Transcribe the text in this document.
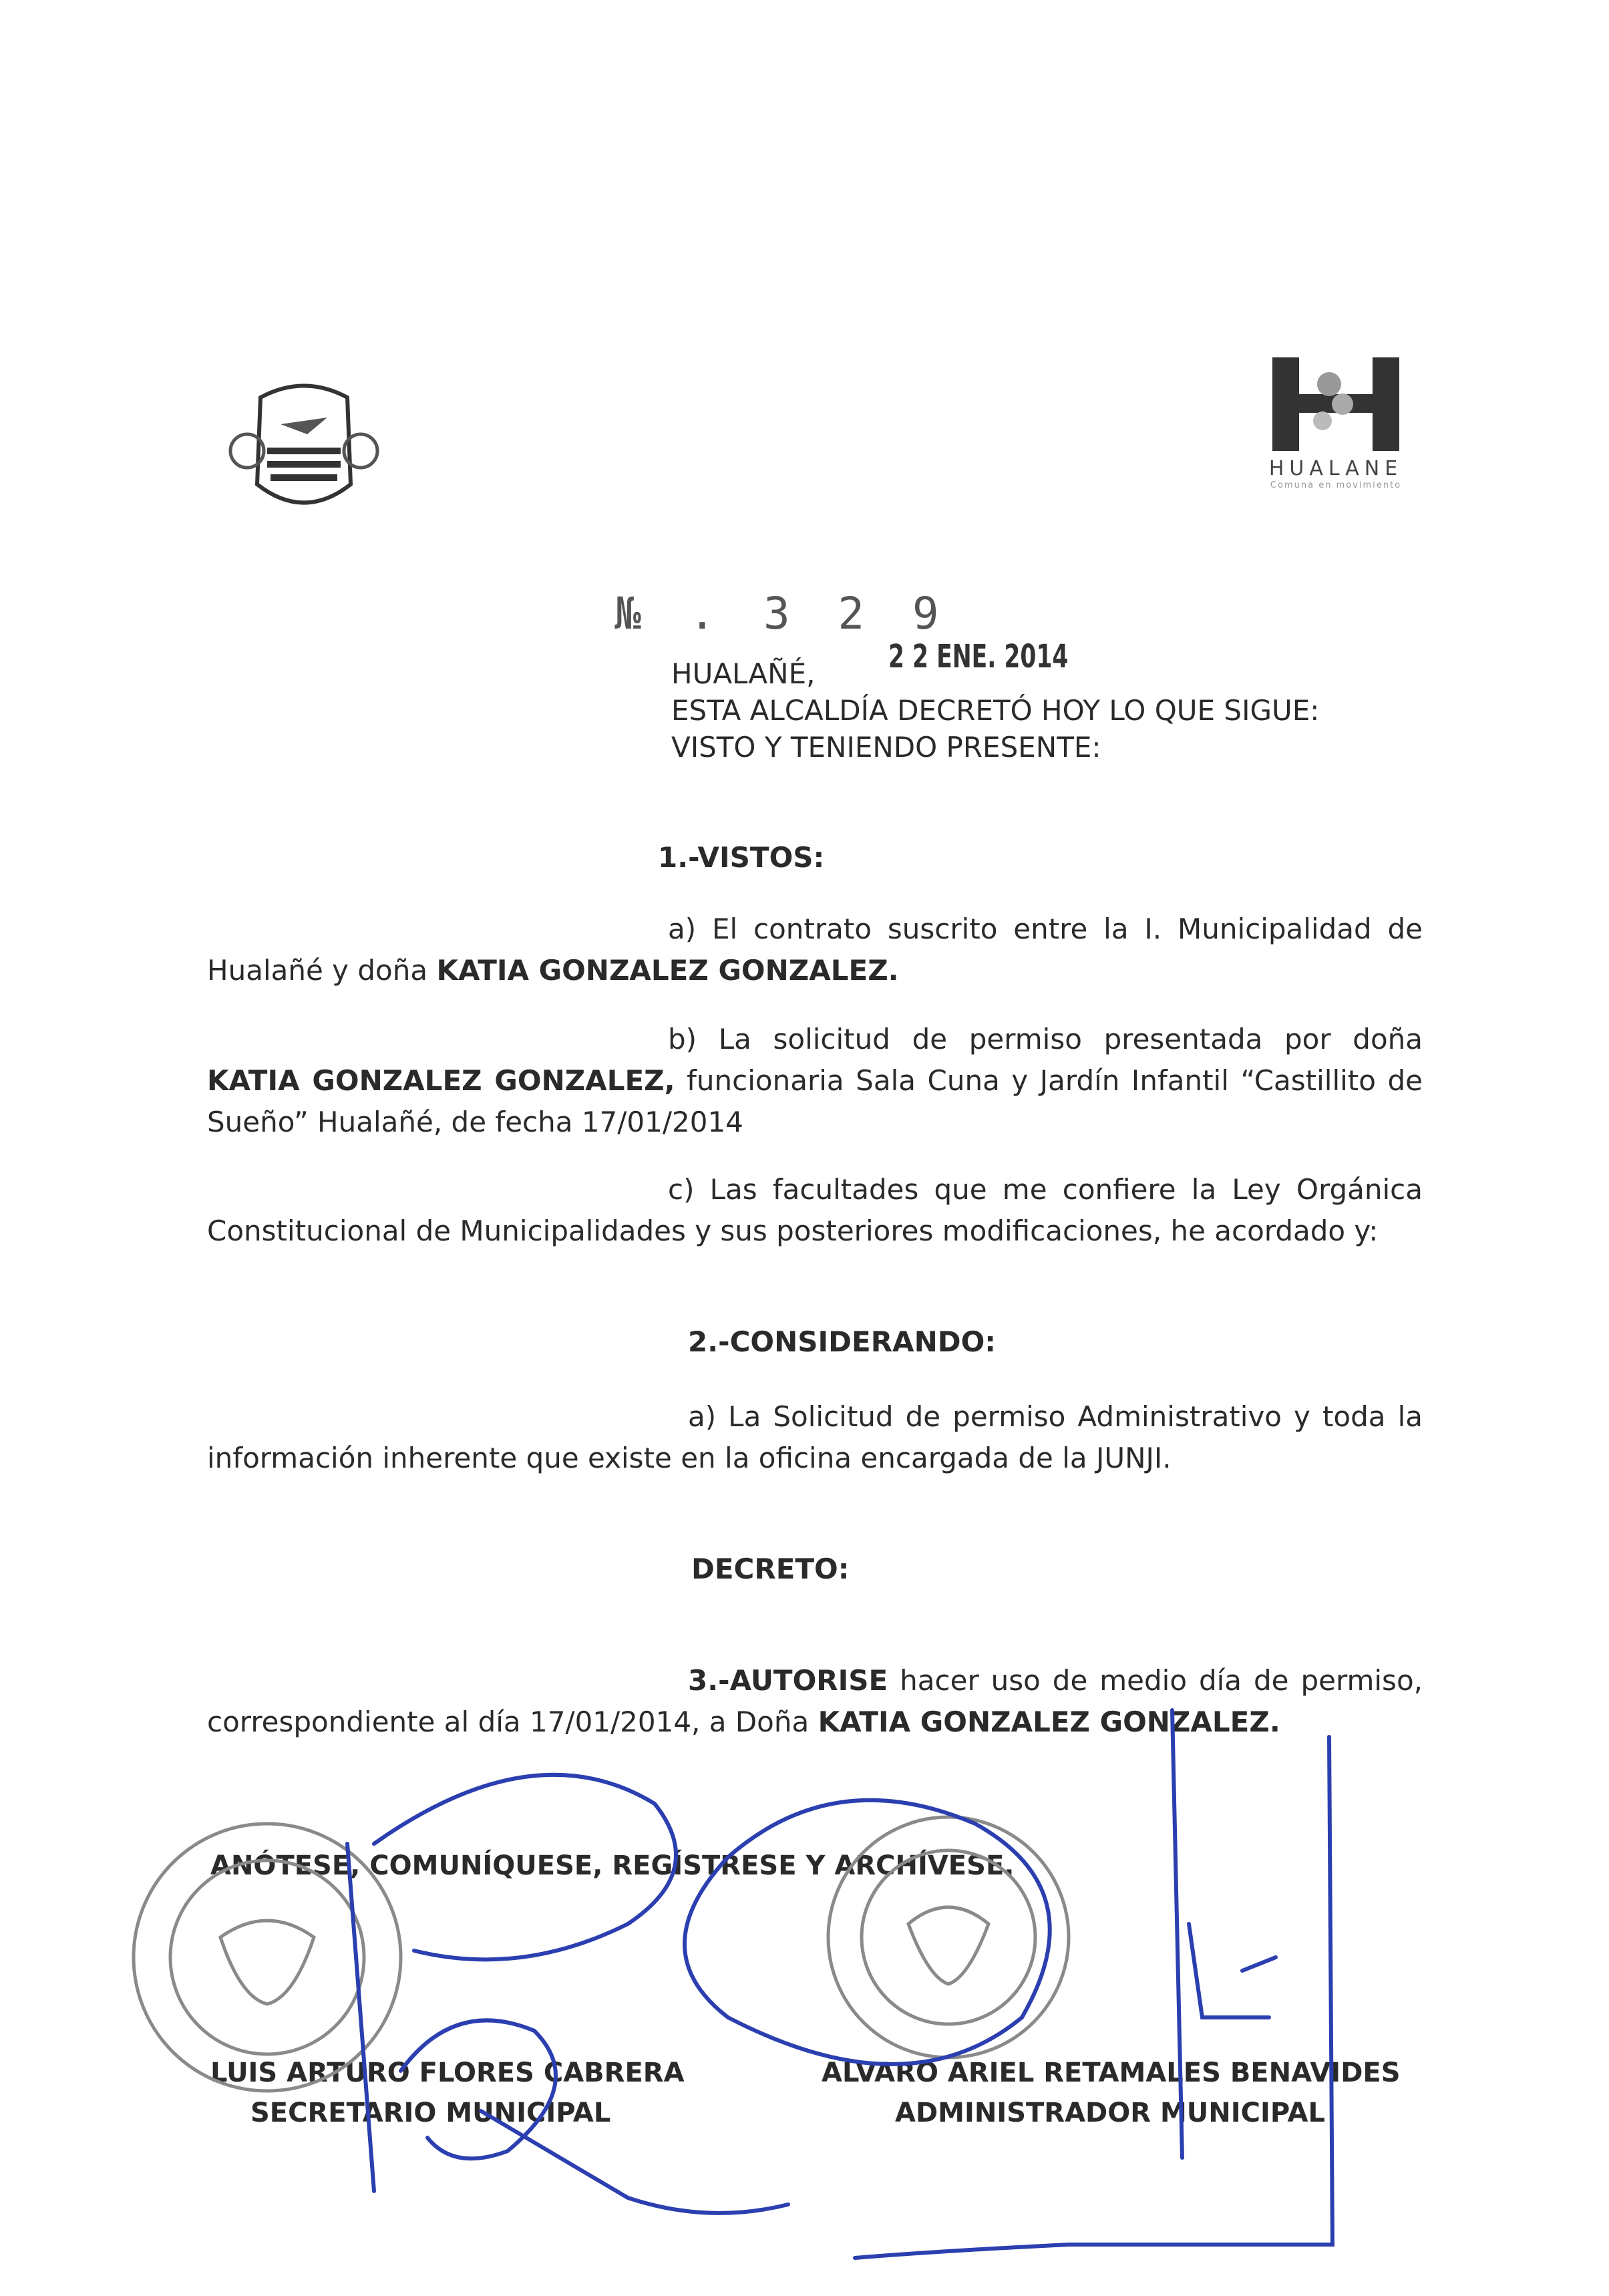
HUALANE
Comuna en movimiento
№ . 3 2 9
2 2 ENE. 2014
HUALAÑÉ,
ESTA ALCALDÍA DECRETÓ HOY LO QUE SIGUE:
VISTO Y TENIENDO PRESENTE:
1.-VISTOS:
a) El contrato suscrito entre la I. Municipalidad de Hualañé y doña KATIA GONZALEZ GONZALEZ.
b) La solicitud de permiso presentada por doña KATIA GONZALEZ GONZALEZ, funcionaria Sala Cuna y Jardín Infantil “Castillito de Sueño” Hualañé, de fecha 17/01/2014
c) Las facultades que me confiere la Ley Orgánica Constitucional de Municipalidades y sus posteriores modificaciones, he acordado y:
2.-CONSIDERANDO:
a) La Solicitud de permiso Administrativo y toda la información inherente que existe en la oficina encargada de la JUNJI.
DECRETO:
3.-AUTORISE hacer uso de medio día de permiso, correspondiente al día 17/01/2014, a Doña KATIA GONZALEZ GONZALEZ.
ANÓTESE, COMUNÍQUESE, REGÍSTRESE Y ARCHÍVESE.
LUIS ARTURO FLORES CABRERA
SECRETARIO MUNICIPAL
ALVARO ARIEL RETAMALES BENAVIDES
ADMINISTRADOR MUNICIPAL
